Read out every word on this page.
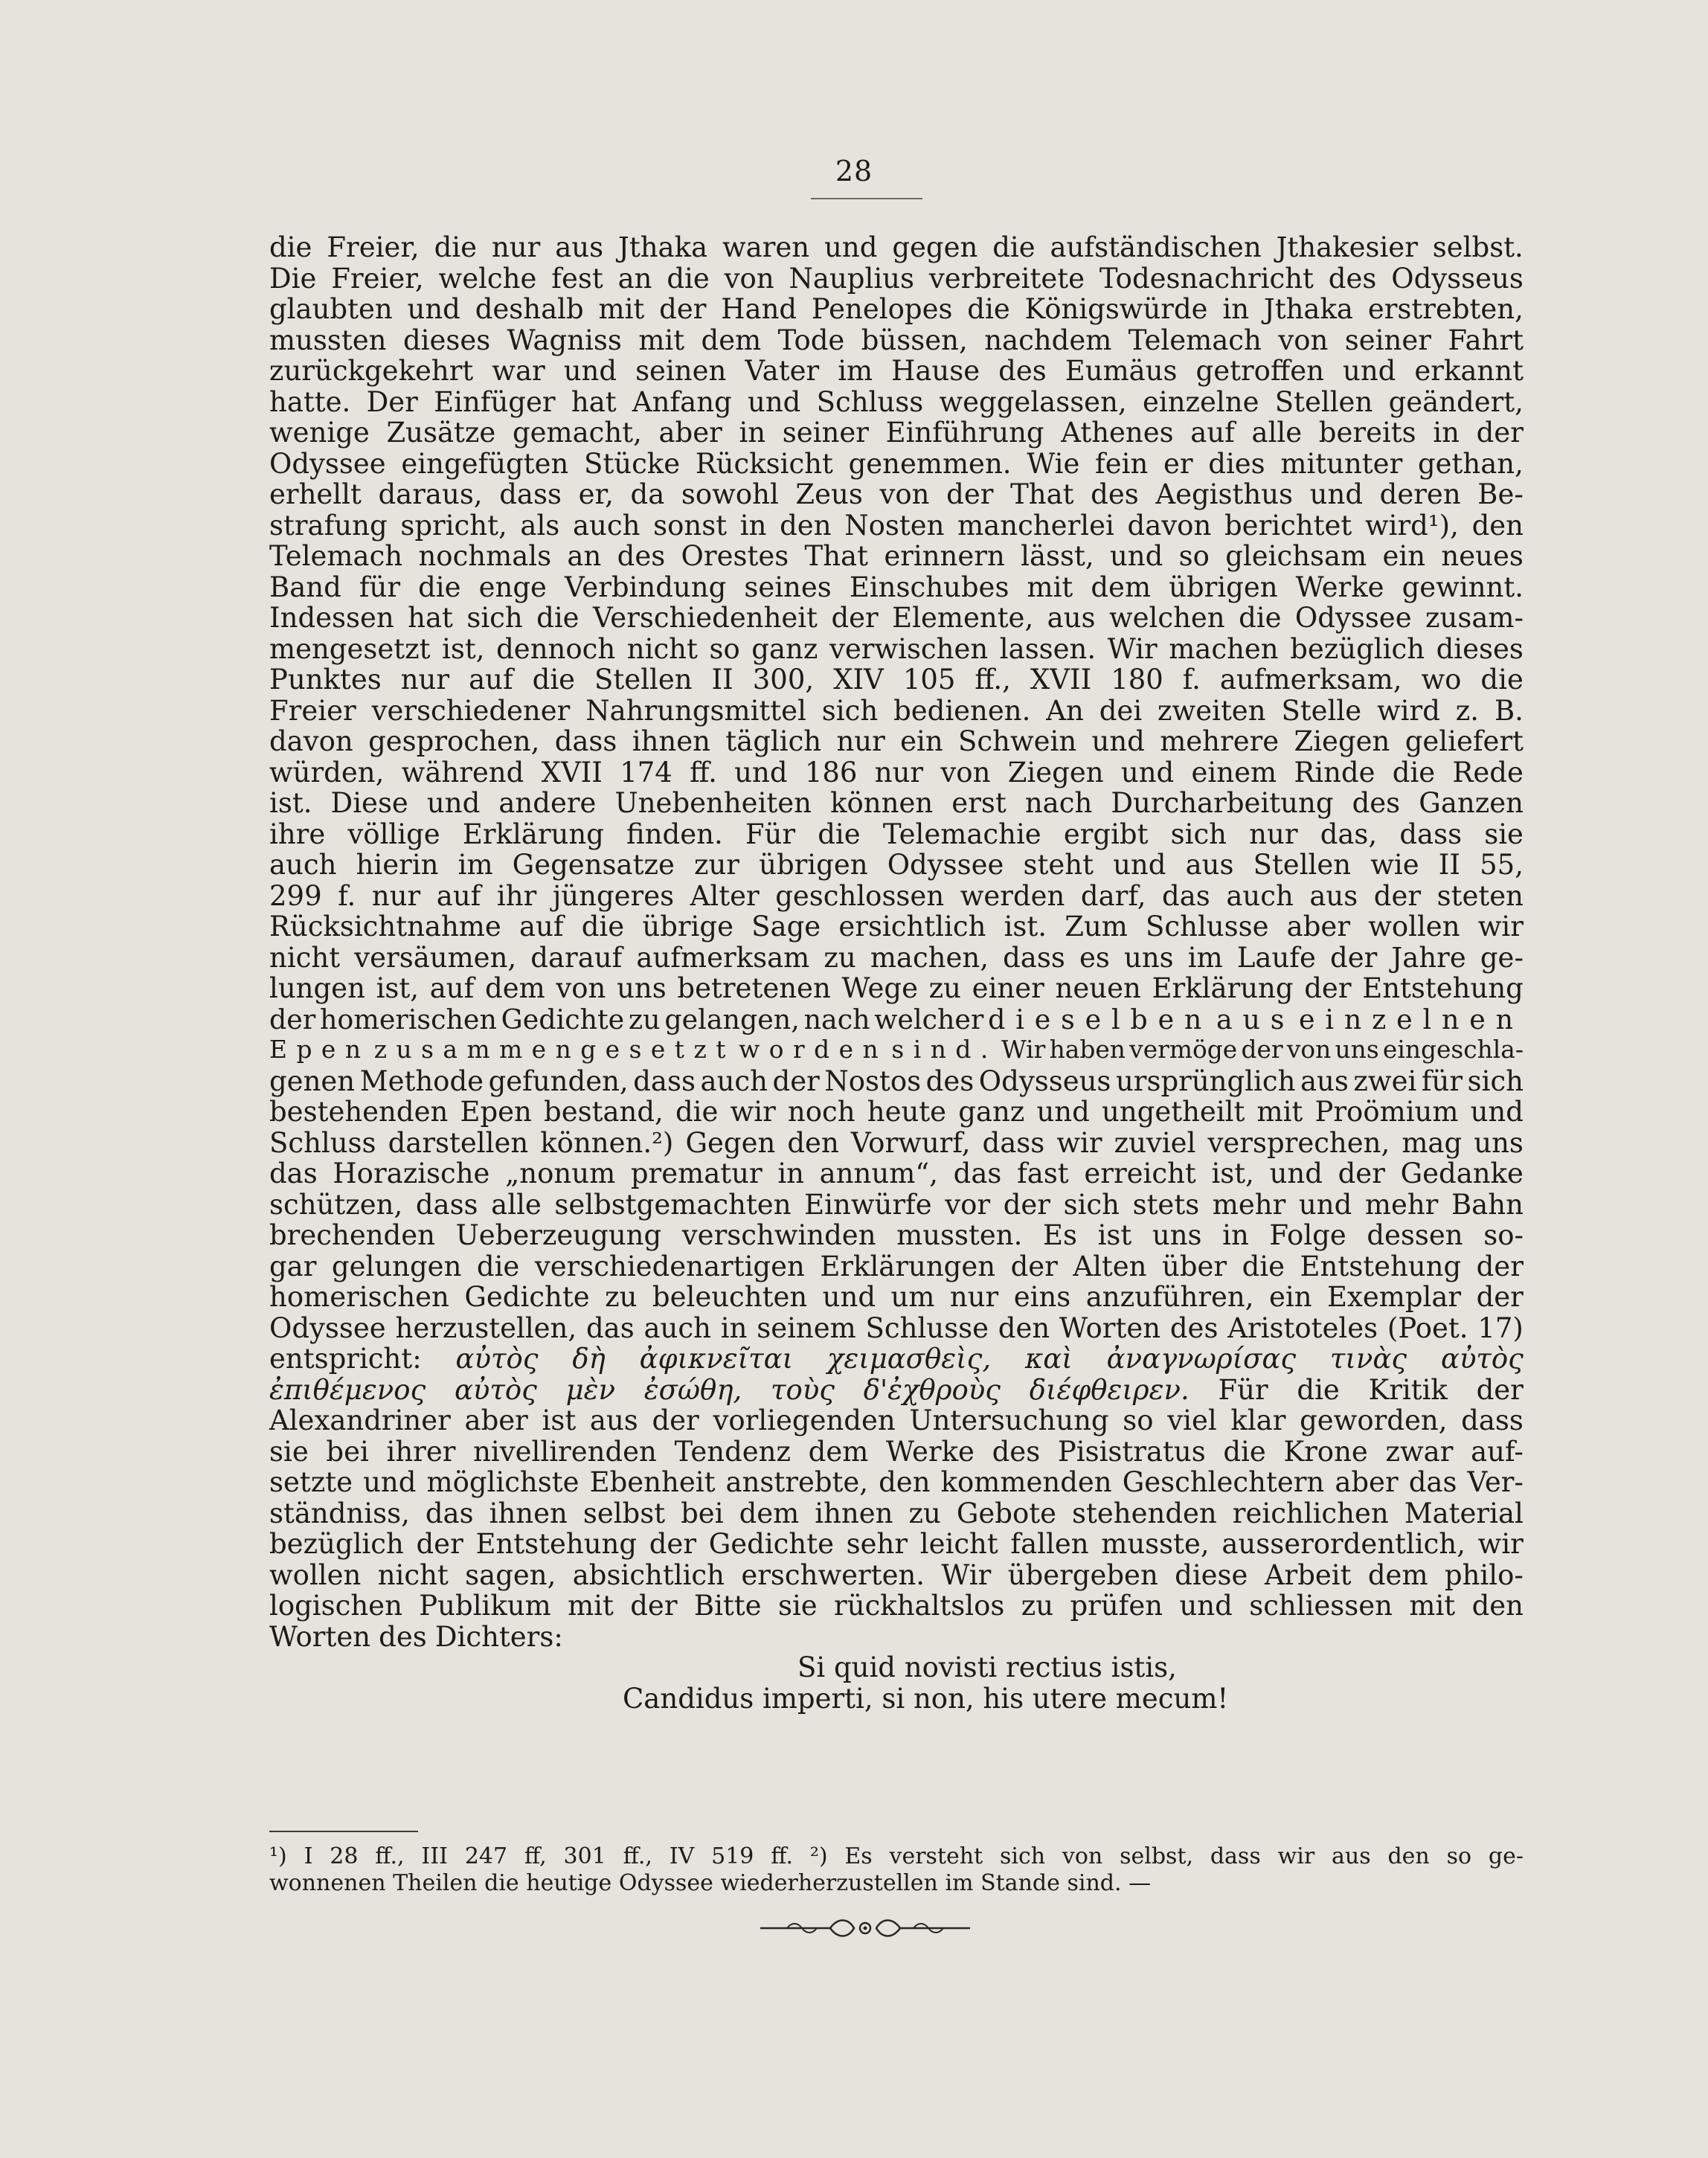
28
die Freier, die nur aus Jthaka waren und gegen die aufständischen Jthakesier selbst.
Die Freier, welche fest an die von Nauplius verbreitete Todesnachricht des Odysseus
glaubten und deshalb mit der Hand Penelopes die Königswürde in Jthaka erstrebten,
mussten dieses Wagniss mit dem Tode büssen, nachdem Telemach von seiner Fahrt
zurückgekehrt war und seinen Vater im Hause des Eumäus getroffen und erkannt
hatte. Der Einfüger hat Anfang und Schluss weggelassen, einzelne Stellen geändert,
wenige Zusätze gemacht, aber in seiner Einführung Athenes auf alle bereits in der
Odyssee eingefügten Stücke Rücksicht genemmen. Wie fein er dies mitunter gethan,
erhellt daraus, dass er, da sowohl Zeus von der That des Aegisthus und deren Be-
strafung spricht, als auch sonst in den Nosten mancherlei davon berichtet wird¹), den
Telemach nochmals an des Orestes That erinnern lässt, und so gleichsam ein neues
Band für die enge Verbindung seines Einschubes mit dem übrigen Werke gewinnt.
Indessen hat sich die Verschiedenheit der Elemente, aus welchen die Odyssee zusam-
mengesetzt ist, dennoch nicht so ganz verwischen lassen. Wir machen bezüglich dieses
Punktes nur auf die Stellen II 300, XIV 105 ff., XVII 180 f. aufmerksam, wo die
Freier verschiedener Nahrungsmittel sich bedienen. An dei zweiten Stelle wird z. B.
davon gesprochen, dass ihnen täglich nur ein Schwein und mehrere Ziegen geliefert
würden, während XVII 174 ff. und 186 nur von Ziegen und einem Rinde die Rede
ist. Diese und andere Unebenheiten können erst nach Durcharbeitung des Ganzen
ihre völlige Erklärung finden. Für die Telemachie ergibt sich nur das, dass sie
auch hierin im Gegensatze zur übrigen Odyssee steht und aus Stellen wie II 55,
299 f. nur auf ihr jüngeres Alter geschlossen werden darf, das auch aus der steten
Rücksichtnahme auf die übrige Sage ersichtlich ist. Zum Schlusse aber wollen wir
nicht versäumen, darauf aufmerksam zu machen, dass es uns im Laufe der Jahre ge-
lungen ist, auf dem von uns betretenen Wege zu einer neuen Erklärung der Entstehung
der homerischen Gedichte zu gelangen, nach welcher dieselben aus einzelnen
Epen zusammengesetzt worden sind. Wir haben vermöge der von uns eingeschla-
genen Methode gefunden, dass auch der Nostos des Odysseus ursprünglich aus zwei für sich
bestehenden Epen bestand, die wir noch heute ganz und ungetheilt mit Proömium und
Schluss darstellen können.²) Gegen den Vorwurf, dass wir zuviel versprechen, mag uns
das Horazische „nonum prematur in annum“, das fast erreicht ist, und der Gedanke
schützen, dass alle selbstgemachten Einwürfe vor der sich stets mehr und mehr Bahn
brechenden Ueberzeugung verschwinden mussten. Es ist uns in Folge dessen so-
gar gelungen die verschiedenartigen Erklärungen der Alten über die Entstehung der
homerischen Gedichte zu beleuchten und um nur eins anzuführen, ein Exemplar der
Odyssee herzustellen, das auch in seinem Schlusse den Worten des Aristoteles (Poet. 17)
entspricht: αὐτὸς δὴ ἀφικνεῖται χειμασθεὶς, καὶ ἀναγνωρίσας τινὰς αὐτὸς
ἐπιθέμενος αὐτὸς μὲν ἐσώθη, τοὺς δ'ἐχθροὺς διέφθειρεν. Für die Kritik der
Alexandriner aber ist aus der vorliegenden Untersuchung so viel klar geworden, dass
sie bei ihrer nivellirenden Tendenz dem Werke des Pisistratus die Krone zwar auf-
setzte und möglichste Ebenheit anstrebte, den kommenden Geschlechtern aber das Ver-
ständniss, das ihnen selbst bei dem ihnen zu Gebote stehenden reichlichen Material
bezüglich der Entstehung der Gedichte sehr leicht fallen musste, ausserordentlich, wir
wollen nicht sagen, absichtlich erschwerten. Wir übergeben diese Arbeit dem philo-
logischen Publikum mit der Bitte sie rückhaltslos zu prüfen und schliessen mit den
Worten des Dichters:
Si quid novisti rectius istis,
Candidus imperti, si non, his utere mecum!
¹) I 28 ff., III 247 ff, 301 ff., IV 519 ff. ²) Es versteht sich von selbst, dass wir aus den so ge-
wonnenen Theilen die heutige Odyssee wiederherzustellen im Stande sind. —
